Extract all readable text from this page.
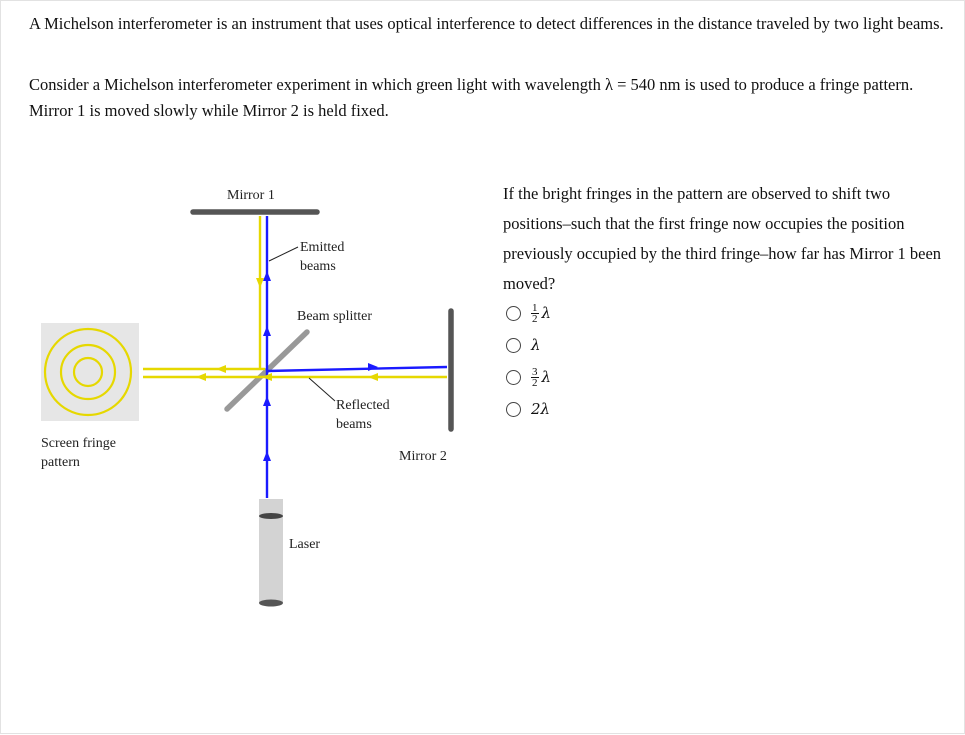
A Michelson interferometer is an instrument that uses optical interference to detect differences in the distance traveled by two light beams.

Consider a Michelson interferometer experiment in which green light with wavelength λ = 540 nm is used to produce a fringe pattern. Mirror 1 is moved slowly while Mirror 2 is held fixed.

Mirror 1
Emitted
beams
Beam splitter
Reflected
beams
Screen fringe
pattern	Mirror 2
Laser

If the bright fringes in the pattern are observed to shift two positions–such that the first fringe now occupies the position previously occupied by the third fringe–how far has Mirror 1 been moved?

$\frac{1}{2}$ λ
λ
$\frac{3}{2}$ λ
2λ
